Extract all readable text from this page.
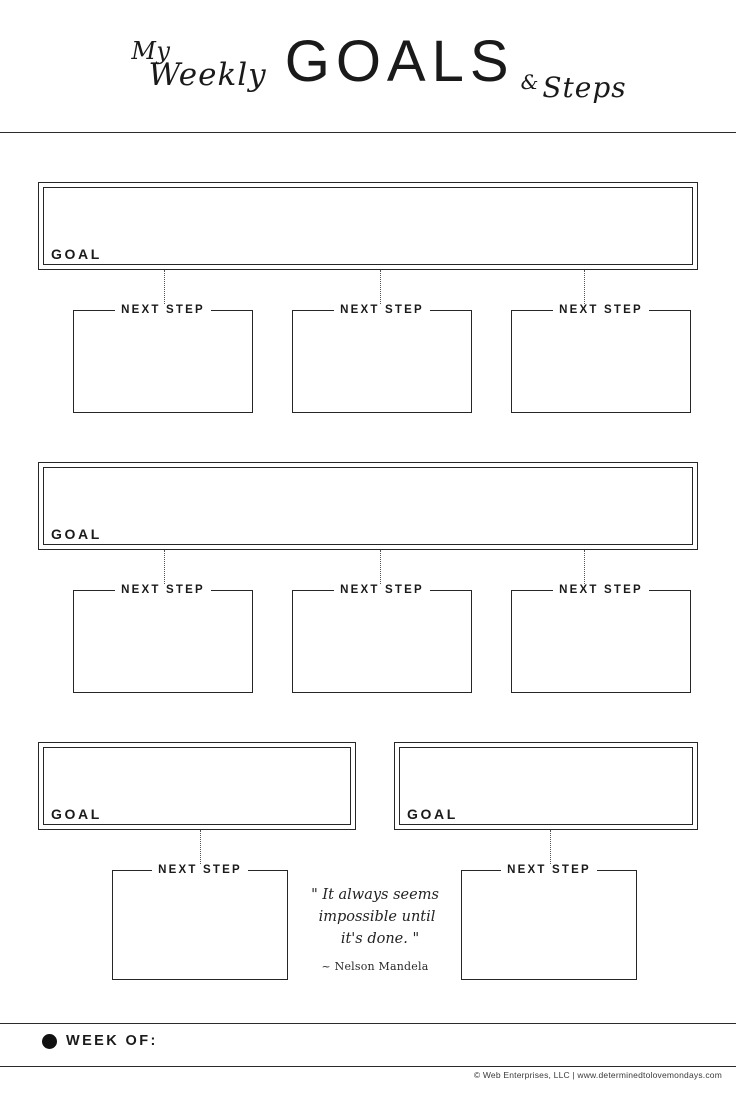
MyWeekly GOALS & Steps
GOAL
NEXT STEP	NEXT STEP	NEXT STEP
GOAL
NEXT STEP	NEXT STEP	NEXT STEP
GOAL	GOAL
NEXT STEP	NEXT STEP
" It always seems
impossible until
it's done. "
~ Nelson Mandela
WEEK OF:
© Web Enterprises, LLC | www.determinedtolovemondays.com
